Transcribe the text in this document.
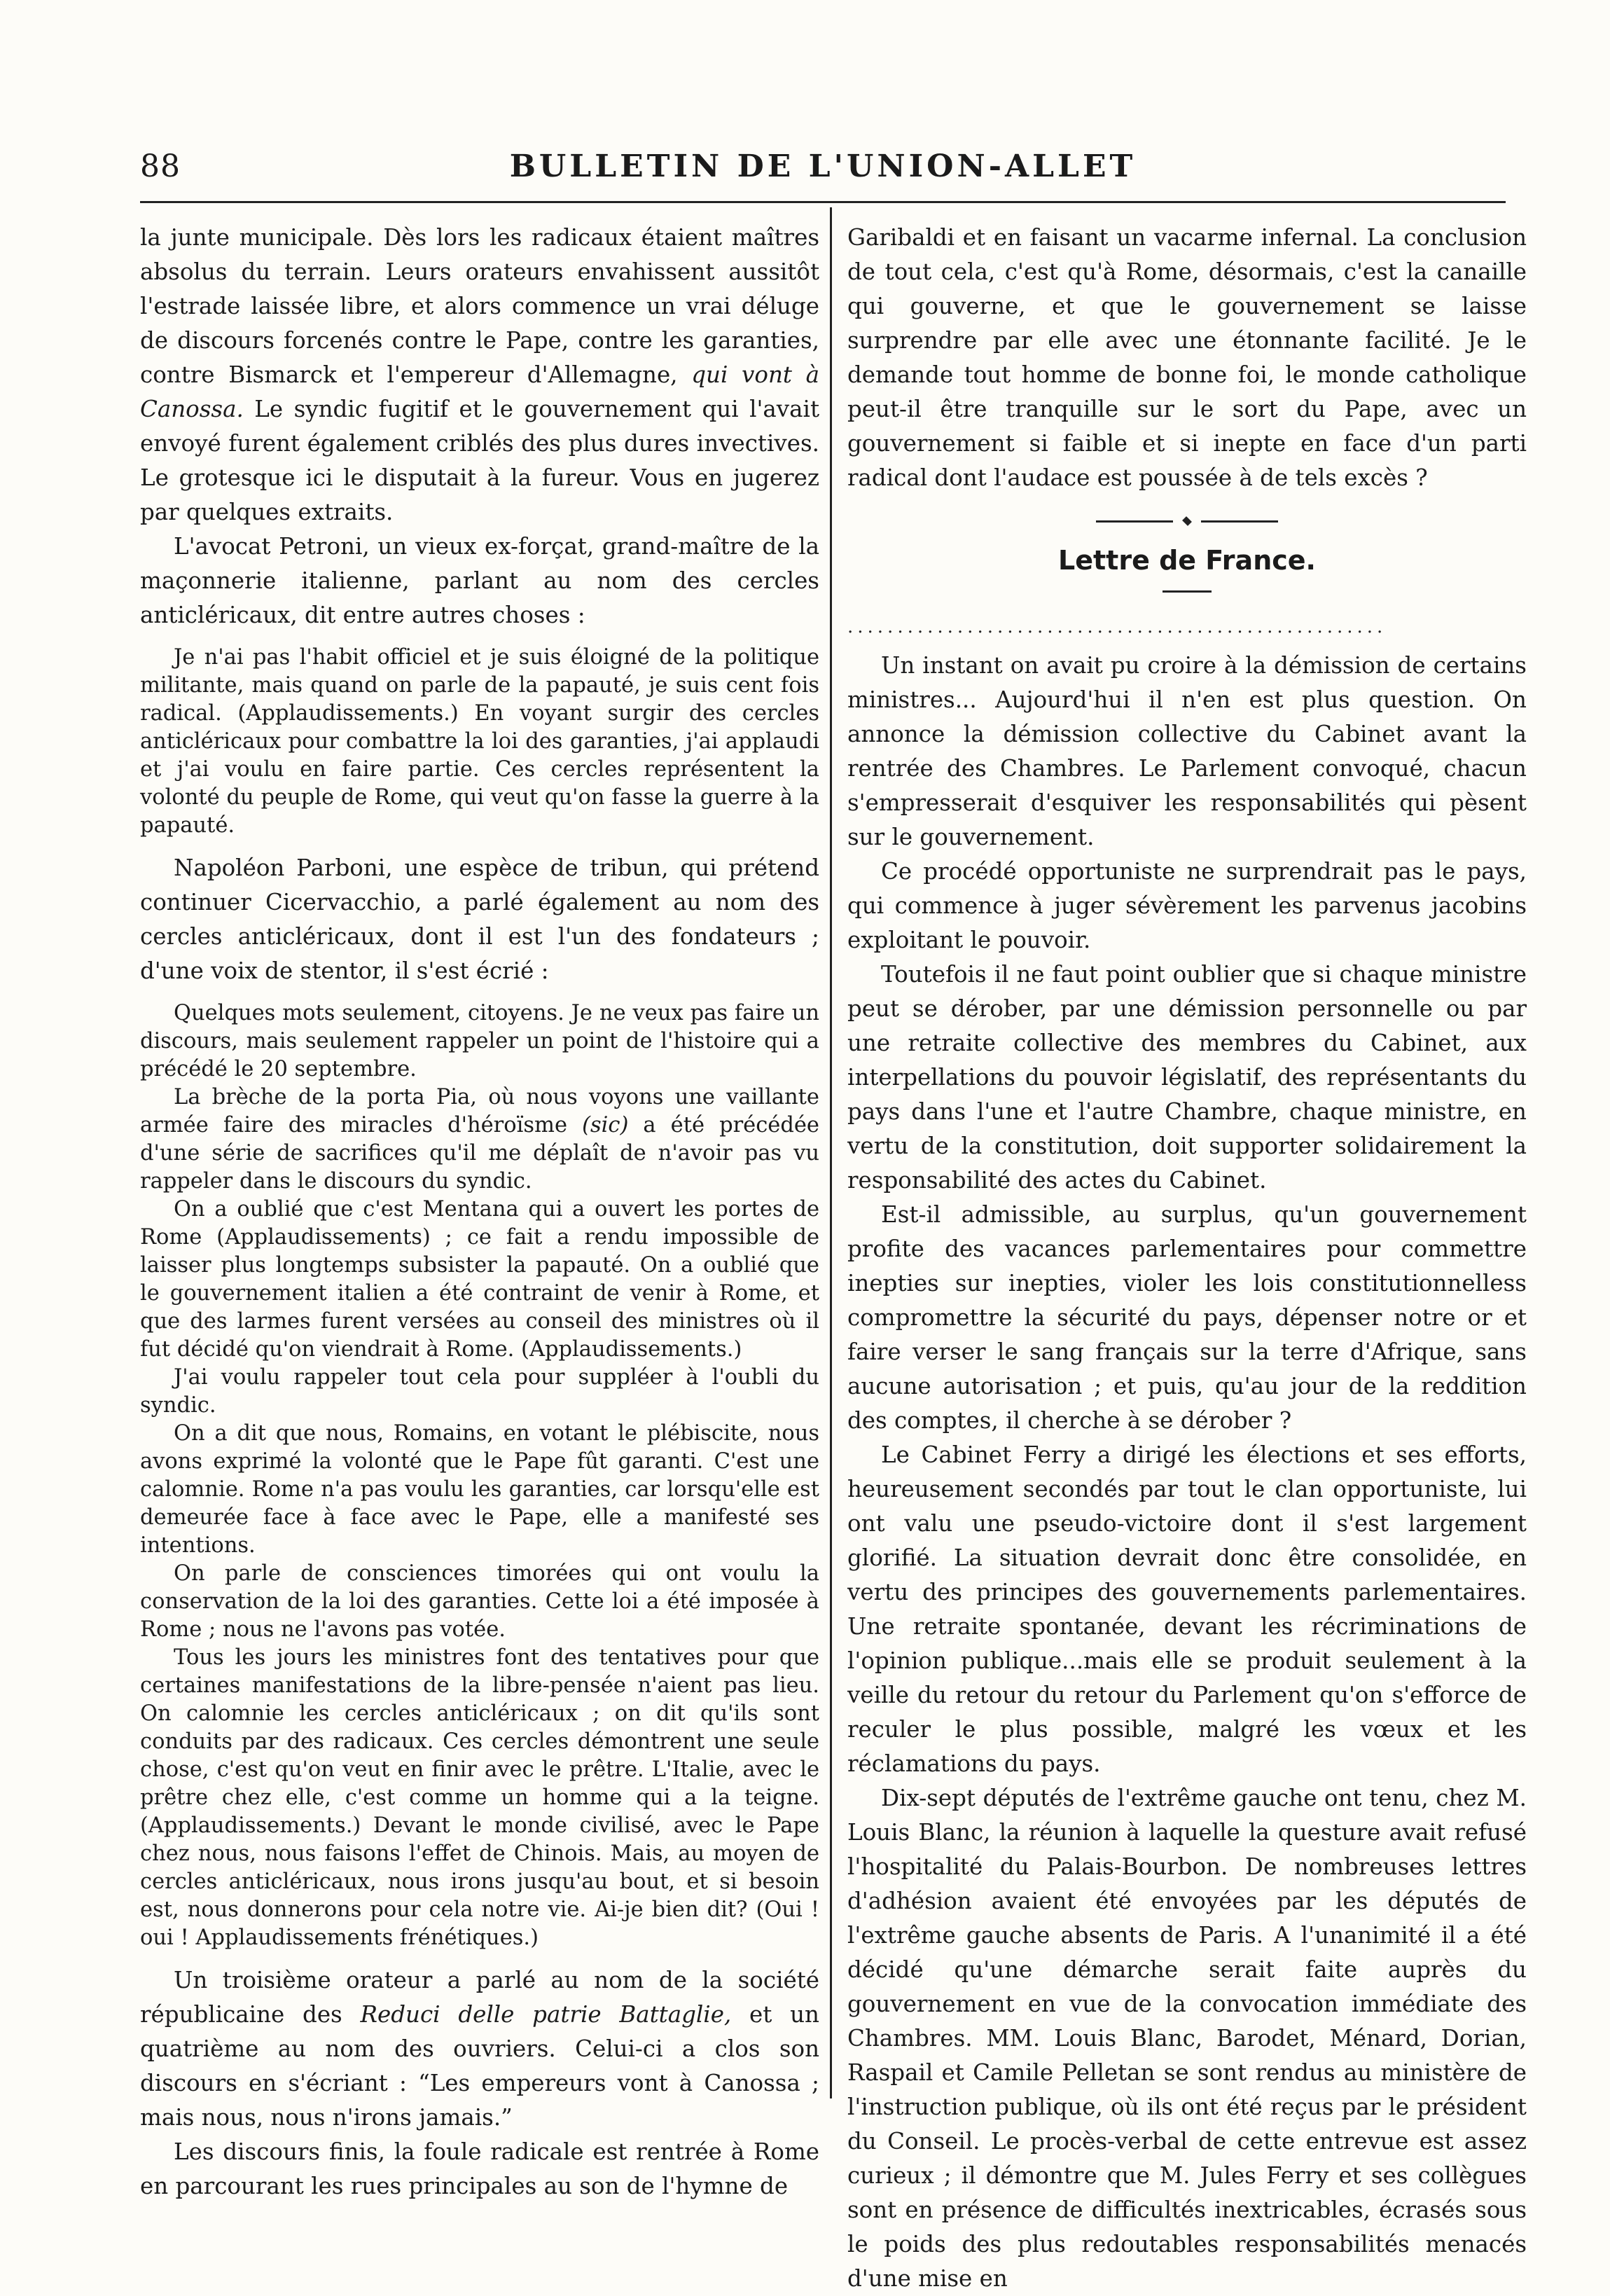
88	BULLETIN DE L'UNION-ALLET

la junte municipale. Dès lors les radicaux étaient maîtres absolus du terrain. Leurs orateurs envahissent aussitôt l'estrade laissée libre, et alors commence un vrai déluge de discours forcenés contre le Pape, contre les garanties, contre Bismarck et l'empereur d'Allemagne, qui vont à Canossa. Le syndic fugitif et le gouvernement qui l'avait envoyé furent également criblés des plus dures invectives. Le grotesque ici le disputait à la fureur. Vous en jugerez par quelques extraits.

L'avocat Petroni, un vieux ex-forçat, grand-maître de la maçonnerie italienne, parlant au nom des cercles anticléricaux, dit entre autres choses :

Je n'ai pas l'habit officiel et je suis éloigné de la politique militante, mais quand on parle de la papauté, je suis cent fois radical. (Applaudissements.) En voyant surgir des cercles anticléricaux pour combattre la loi des garanties, j'ai applaudi et j'ai voulu en faire partie. Ces cercles représentent la volonté du peuple de Rome, qui veut qu'on fasse la guerre à la papauté.

Napoléon Parboni, une espèce de tribun, qui prétend continuer Cicervacchio, a parlé également au nom des cercles anticléricaux, dont il est l'un des fondateurs ; d'une voix de stentor, il s'est écrié :

Quelques mots seulement, citoyens. Je ne veux pas faire un discours, mais seulement rappeler un point de l'histoire qui a précédé le 20 septembre.

La brèche de la porta Pia, où nous voyons une vaillante armée faire des miracles d'héroïsme (sic) a été précédée d'une série de sacrifices qu'il me déplaît de n'avoir pas vu rappeler dans le discours du syndic.

On a oublié que c'est Mentana qui a ouvert les portes de Rome (Applaudissements) ; ce fait a rendu impossible de laisser plus longtemps subsister la papauté. On a oublié que le gouvernement italien a été contraint de venir à Rome, et que des larmes furent versées au conseil des ministres où il fut décidé qu'on viendrait à Rome. (Applaudissements.)

J'ai voulu rappeler tout cela pour suppléer à l'oubli du syndic.

On a dit que nous, Romains, en votant le plébiscite, nous avons exprimé la volonté que le Pape fût garanti. C'est une calomnie. Rome n'a pas voulu les garanties, car lorsqu'elle est demeurée face à face avec le Pape, elle a manifesté ses intentions.

On parle de consciences timorées qui ont voulu la conservation de la loi des garanties. Cette loi a été imposée à Rome ; nous ne l'avons pas votée.

Tous les jours les ministres font des tentatives pour que certaines manifestations de la libre-pensée n'aient pas lieu. On calomnie les cercles anticléricaux ; on dit qu'ils sont conduits par des radicaux. Ces cercles démontrent une seule chose, c'est qu'on veut en finir avec le prêtre. L'Italie, avec le prêtre chez elle, c'est comme un homme qui a la teigne. (Applaudissements.) Devant le monde civilisé, avec le Pape chez nous, nous faisons l'effet de Chinois. Mais, au moyen de cercles anticléricaux, nous irons jusqu'au bout, et si besoin est, nous donnerons pour cela notre vie. Ai-je bien dit? (Oui ! oui ! Applaudissements frénétiques.)

Un troisième orateur a parlé au nom de la société républicaine des Reduci delle patrie Battaglie, et un quatrième au nom des ouvriers. Celui-ci a clos son discours en s'écriant : “Les empereurs vont à Canossa ; mais nous, nous n'irons jamais.”

Les discours finis, la foule radicale est rentrée à Rome en parcourant les rues principales au son de l'hymne de

Garibaldi et en faisant un vacarme infernal. La conclusion de tout cela, c'est qu'à Rome, désormais, c'est la canaille qui gouverne, et que le gouvernement se laisse surprendre par elle avec une étonnante facilité. Je le demande tout homme de bonne foi, le monde catholique peut-il être tranquille sur le sort du Pape, avec un gouvernement si faible et si inepte en face d'un parti radical dont l'audace est poussée à de tels excès ?

Lettre de France.
......................................................

Un instant on avait pu croire à la démission de certains ministres... Aujourd'hui il n'en est plus question. On annonce la démission collective du Cabinet avant la rentrée des Chambres. Le Parlement convoqué, chacun s'empresserait d'esquiver les responsabilités qui pèsent sur le gouvernement.

Ce procédé opportuniste ne surprendrait pas le pays, qui commence à juger sévèrement les parvenus jacobins exploitant le pouvoir.

Toutefois il ne faut point oublier que si chaque ministre peut se dérober, par une démission personnelle ou par une retraite collective des membres du Cabinet, aux interpellations du pouvoir législatif, des représentants du pays dans l'une et l'autre Chambre, chaque ministre, en vertu de la constitution, doit supporter solidairement la responsabilité des actes du Cabinet.

Est-il admissible, au surplus, qu'un gouvernement profite des vacances parlementaires pour commettre inepties sur inepties, violer les lois constitutionnelless compromettre la sécurité du pays, dépenser notre or et faire verser le sang français sur la terre d'Afrique, sans aucune autorisation ; et puis, qu'au jour de la reddition des comptes, il cherche à se dérober ?

Le Cabinet Ferry a dirigé les élections et ses efforts, heureusement secondés par tout le clan opportuniste, lui ont valu une pseudo-victoire dont il s'est largement glorifié. La situation devrait donc être consolidée, en vertu des principes des gouvernements parlementaires. Une retraite spontanée, devant les récriminations de l'opinion publique...mais elle se produit seulement à la veille du retour du retour du Parlement qu'on s'efforce de reculer le plus possible, malgré les vœux et les réclamations du pays.

Dix-sept députés de l'extrême gauche ont tenu, chez M. Louis Blanc, la réunion à laquelle la questure avait refusé l'hospitalité du Palais-Bourbon. De nombreuses lettres d'adhésion avaient été envoyées par les députés de l'extrême gauche absents de Paris. A l'unanimité il a été décidé qu'une démarche serait faite auprès du gouvernement en vue de la convocation immédiate des Chambres. MM. Louis Blanc, Barodet, Ménard, Dorian, Raspail et Camile Pelletan se sont rendus au ministère de l'instruction publique, où ils ont été reçus par le président du Conseil. Le procès-verbal de cette entrevue est assez curieux ; il démontre que M. Jules Ferry et ses collègues sont en présence de difficultés inextricables, écrasés sous le poids des plus redoutables responsabilités menacés d'une mise en
